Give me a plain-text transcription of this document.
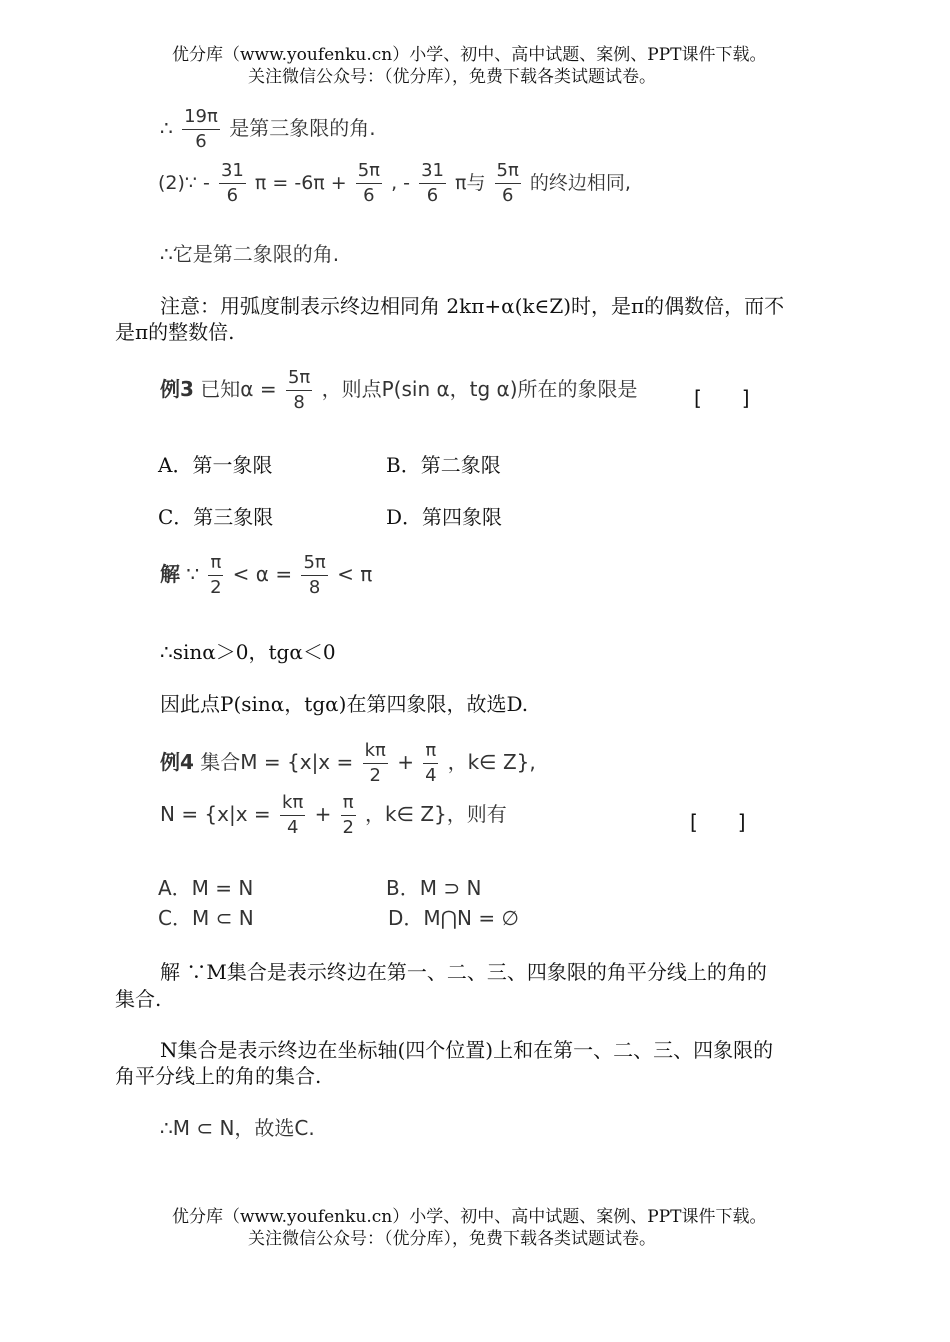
优分库（www.youfenku.cn）小学、初中、高中试题、案例、PPT课件下载。
关注微信公众号：（优分库），免费下载各类试题试卷。
∴ $\frac{19\pi}{6}$ 是第三象限的角.
(2)∵ - $\frac{31}{6}$ $\pi = -6\pi + \frac{5\pi}{6}$ , - $\frac{31}{6}$ π与 $\frac{5\pi}{6}$ 的终边相同,
∴它是第二象限的角.
注意：用弧度制表示终边相同角 2kπ+α(k∈Z)时，是π的偶数倍，而不
是π的整数倍.
例3 已知$\alpha = \frac{5\pi}{8}$ ，则点P(sin α，tg α)所在的象限是	[　　]
A．第一象限	B．第二象限
C．第三象限	D．第四象限
解 ∵ $\frac{\pi}{2} < \alpha = \frac{5\pi}{8} < \pi$
∴sinα＞0，tgα＜0
因此点P(sinα，tgα)在第四象限，故选D.
例4 集合$M = \{x|x = \frac{k\pi}{2} + \frac{\pi}{4}$ ，k∈ Z},
$N = \{x|x = \frac{k\pi}{4} + \frac{\pi}{2}$ ，k∈ Z}，则有	[　　]
A．M = N	B．M ⊃ N
C．M ⊂ N	D．M⋂N = ∅
解 ∵M集合是表示终边在第一、二、三、四象限的角平分线上的角的
集合.
N集合是表示终边在坐标轴(四个位置)上和在第一、二、三、四象限的
角平分线上的角的集合.
∴M ⊂ N，故选C.
优分库（www.youfenku.cn）小学、初中、高中试题、案例、PPT课件下载。
关注微信公众号：（优分库），免费下载各类试题试卷。
